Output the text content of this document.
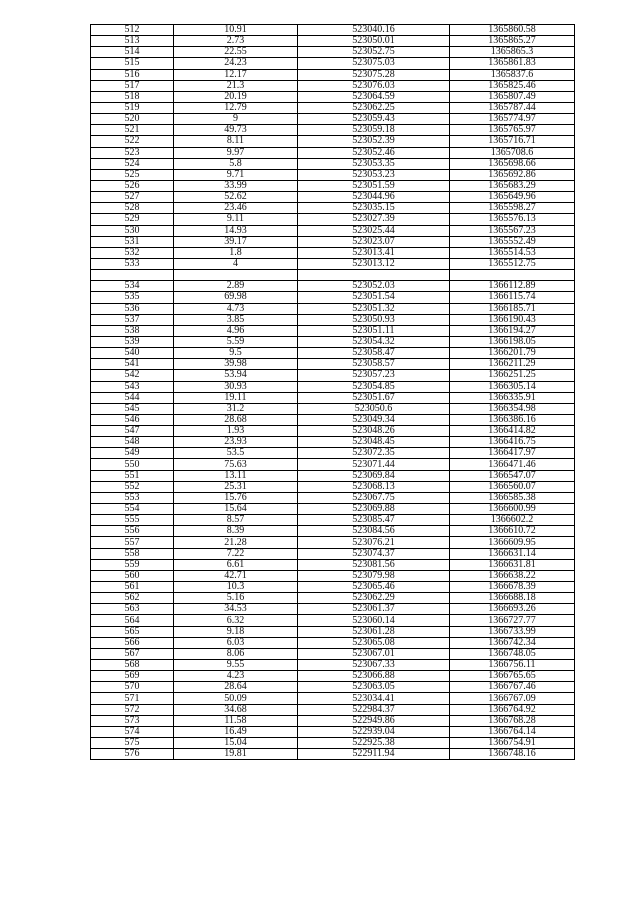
512	10.91	523040.16	1365860.58
513	2.73	523050.01	1365865.27
514	22.55	523052.75	1365865.3
515	24.23	523075.03	1365861.83
516	12.17	523075.28	1365837.6
517	21.3	523076.03	1365825.46
518	20.19	523064.59	1365807.49
519	12.79	523062.25	1365787.44
520	9	523059.43	1365774.97
521	49.73	523059.18	1365765.97
522	8.11	523052.39	1365716.71
523	9.97	523052.46	1365708.6
524	5.8	523053.35	1365698.66
525	9.71	523053.23	1365692.86
526	33.99	523051.59	1365683.29
527	52.62	523044.96	1365649.96
528	23.46	523035.15	1365598.27
529	9.11	523027.39	1365576.13
530	14.93	523025.44	1365567.23
531	39.17	523023.07	1365552.49
532	1.8	523013.41	1365514.53
533	4	523013.12	1365512.75

534	2.89	523052.03	1366112.89
535	69.98	523051.54	1366115.74
536	4.73	523051.32	1366185.71
537	3.85	523050.93	1366190.43
538	4.96	523051.11	1366194.27
539	5.59	523054.32	1366198.05
540	9.5	523058.47	1366201.79
541	39.98	523058.57	1366211.29
542	53.94	523057.23	1366251.25
543	30.93	523054.85	1366305.14
544	19.11	523051.67	1366335.91
545	31.2	523050.6	1366354.98
546	28.68	523049.34	1366386.16
547	1.93	523048.26	1366414.82
548	23.93	523048.45	1366416.75
549	53.5	523072.35	1366417.97
550	75.63	523071.44	1366471.46
551	13.11	523069.84	1366547.07
552	25.31	523068.13	1366560.07
553	15.76	523067.75	1366585.38
554	15.64	523069.88	1366600.99
555	8.57	523085.47	1366602.2
556	8.39	523084.56	1366610.72
557	21.28	523076.21	1366609.95
558	7.22	523074.37	1366631.14
559	6.61	523081.56	1366631.81
560	42.71	523079.98	1366638.22
561	10.3	523065.46	1366678.39
562	5.16	523062.29	1366688.18
563	34.53	523061.37	1366693.26
564	6.32	523060.14	1366727.77
565	9.18	523061.28	1366733.99
566	6.03	523065.08	1366742.34
567	8.06	523067.01	1366748.05
568	9.55	523067.33	1366756.11
569	4.23	523066.88	1366765.65
570	28.64	523063.05	1366767.46
571	50.09	523034.41	1366767.09
572	34.68	522984.37	1366764.92
573	11.58	522949.86	1366768.28
574	16.49	522939.04	1366764.14
575	15.04	522925.38	1366754.91
576	19.81	522911.94	1366748.16
